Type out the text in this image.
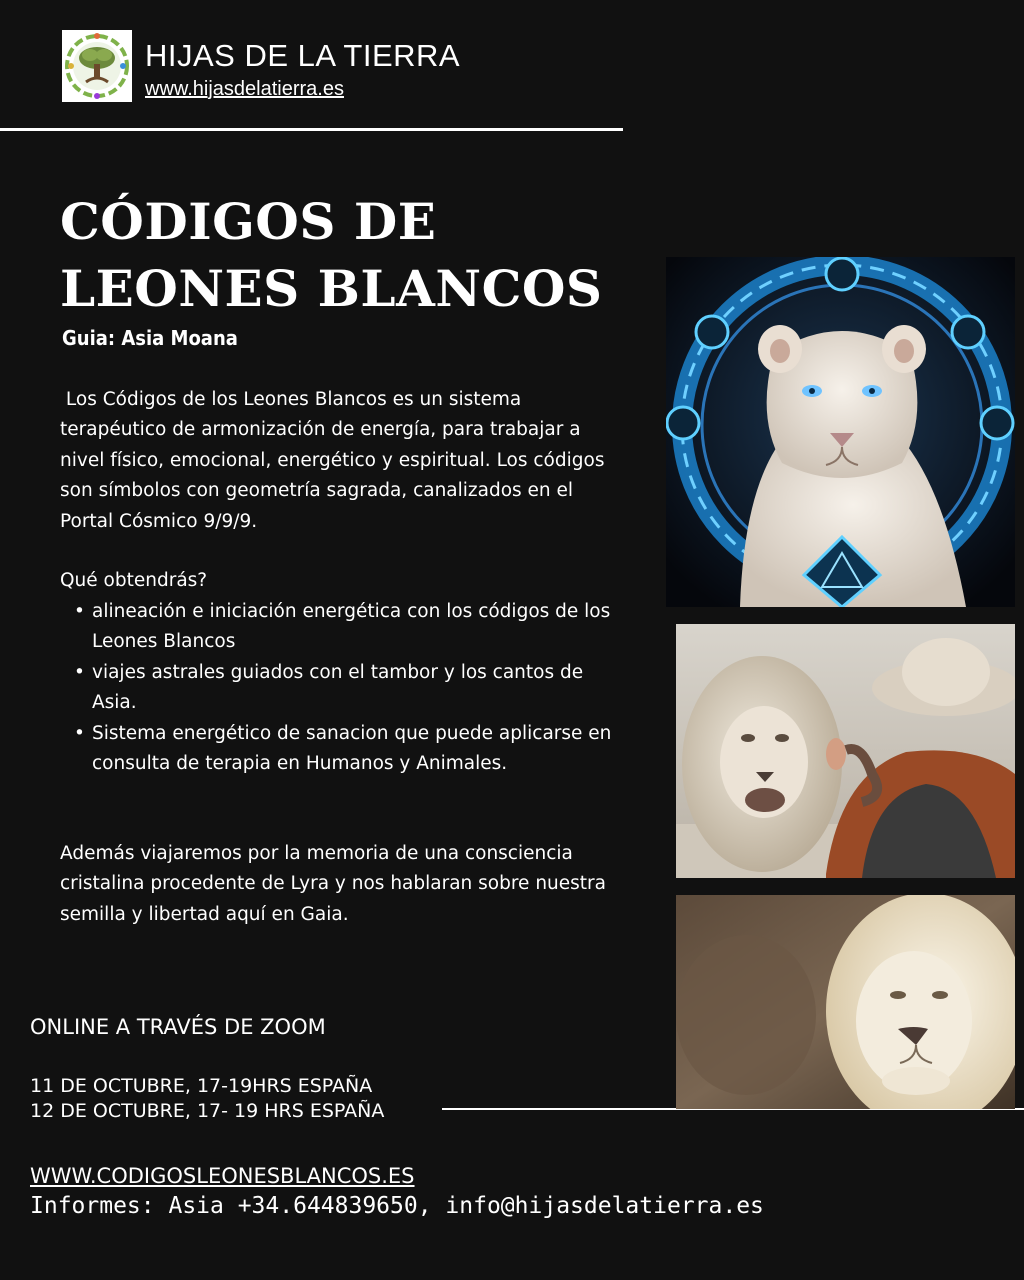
HIJAS DE LA TIERRA
www.hijasdelatierra.es
CÓDIGOS DE
LEONES BLANCOS
Guia: Asia Moana

Los Códigos de los Leones Blancos es un sistema terapéutico de armonización de energía, para trabajar a nivel físico, emocional, energético y espiritual. Los códigos son símbolos con geometría sagrada, canalizados en el Portal Cósmico 9/9/9.

Qué obtendrás?

• alineación e iniciación energética con los códigos de los Leones Blancos
• viajes astrales guiados con el tambor y los cantos de Asia.
• Sistema energético de sanacion que puede aplicarse en consulta de terapia en Humanos y Animales.

Además viajaremos por la memoria de una consciencia cristalina procedente de Lyra y nos hablaran sobre nuestra semilla y libertad aquí en Gaia.

ONLINE A TRAVÉS DE ZOOM
11 DE OCTUBRE, 17-19HRS ESPAÑA
12 DE OCTUBRE, 17- 19 HRS ESPAÑA
WWW.CODIGOSLEONESBLANCOS.ES
Informes: Asia +34.644839650, info@hijasdelatierra.es
